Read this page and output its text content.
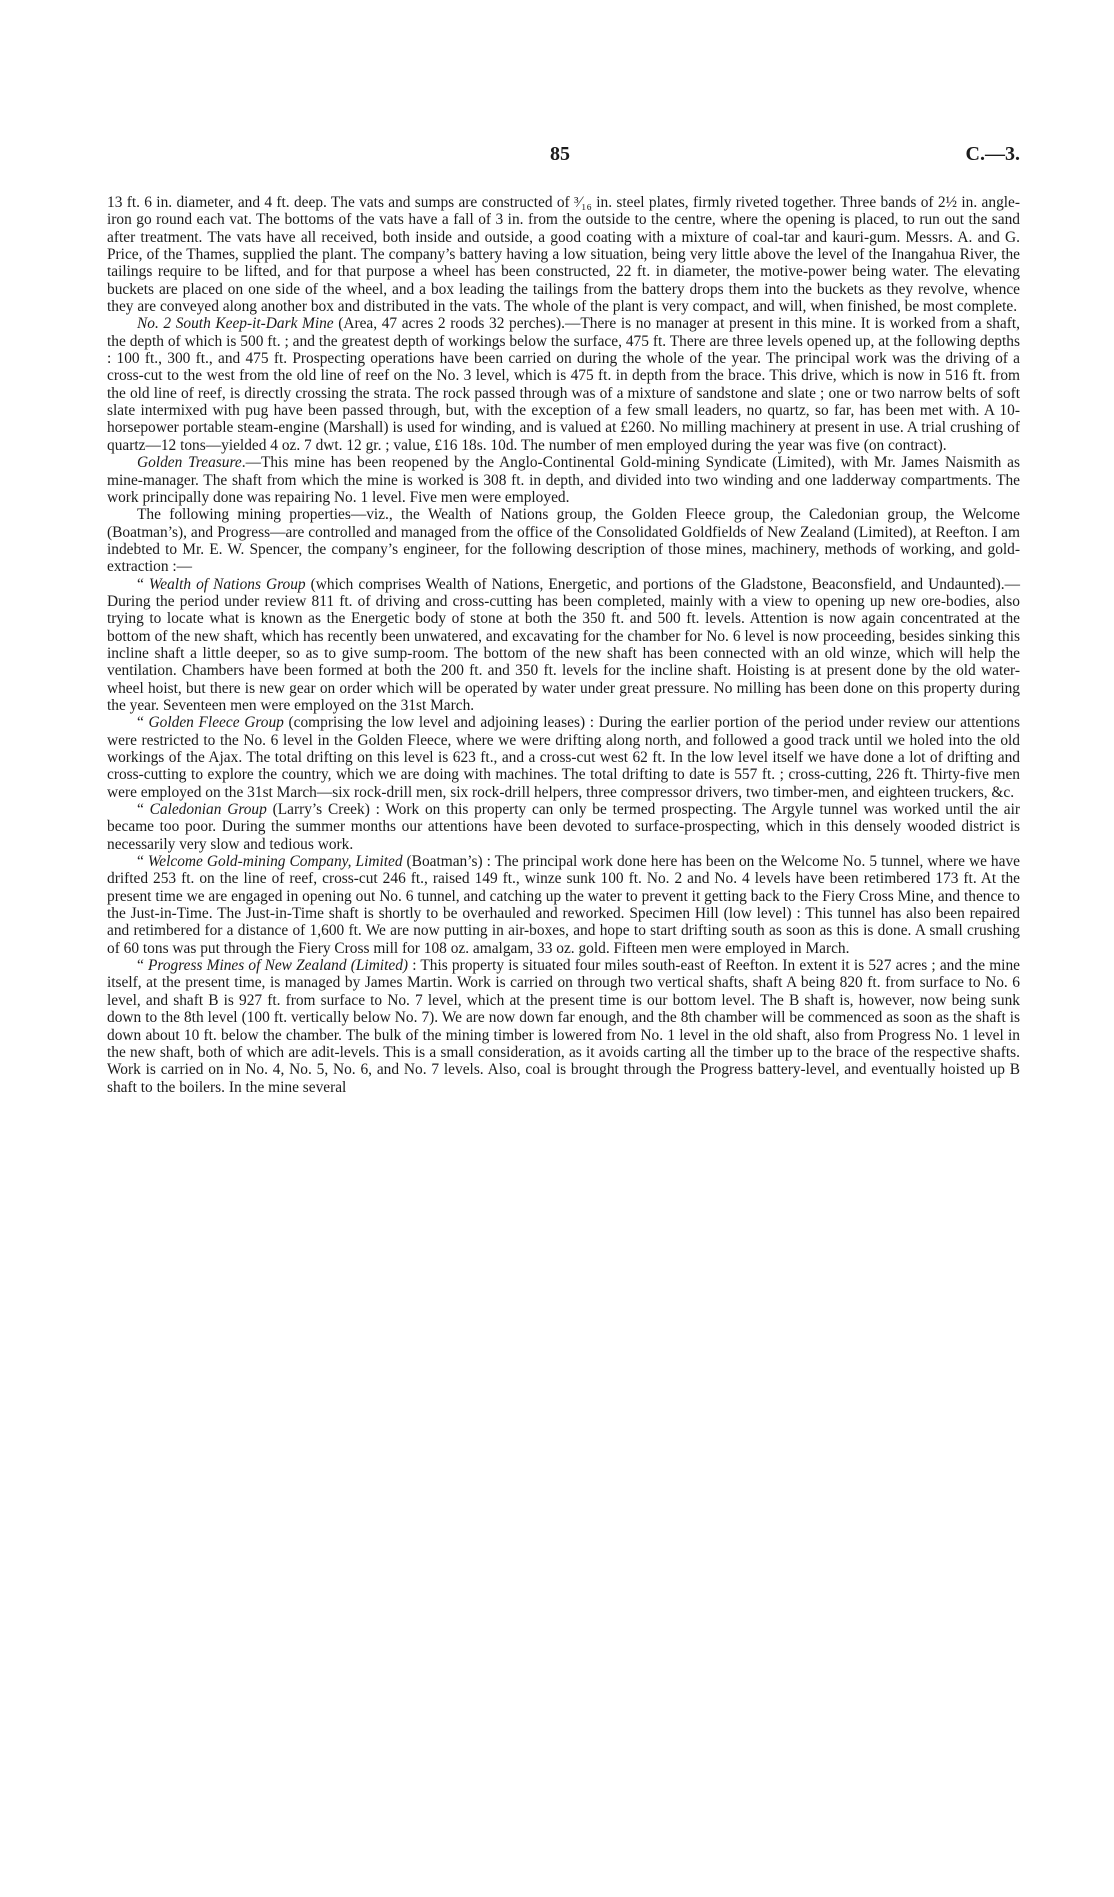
85	C.—3.

13 ft. 6 in. diameter, and 4 ft. deep. The vats and sumps are constructed of ³⁄₁₆ in. steel plates, firmly riveted together. Three bands of 2½ in. angle-iron go round each vat. The bottoms of the vats have a fall of 3 in. from the outside to the centre, where the opening is placed, to run out the sand after treatment. The vats have all received, both inside and outside, a good coating with a mixture of coal-tar and kauri-gum. Messrs. A. and G. Price, of the Thames, supplied the plant. The company’s battery having a low situation, being very little above the level of the Inangahua River, the tailings require to be lifted, and for that purpose a wheel has been constructed, 22 ft. in diameter, the motive-power being water. The elevating buckets are placed on one side of the wheel, and a box leading the tailings from the battery drops them into the buckets as they revolve, whence they are conveyed along another box and distributed in the vats. The whole of the plant is very compact, and will, when finished, be most complete.

No. 2 South Keep-it-Dark Mine (Area, 47 acres 2 roods 32 perches).—There is no manager at present in this mine. It is worked from a shaft, the depth of which is 500 ft. ; and the greatest depth of workings below the surface, 475 ft. There are three levels opened up, at the following depths : 100 ft., 300 ft., and 475 ft. Prospecting operations have been carried on during the whole of the year. The principal work was the driving of a cross-cut to the west from the old line of reef on the No. 3 level, which is 475 ft. in depth from the brace. This drive, which is now in 516 ft. from the old line of reef, is directly crossing the strata. The rock passed through was of a mixture of sandstone and slate ; one or two narrow belts of soft slate intermixed with pug have been passed through, but, with the exception of a few small leaders, no quartz, so far, has been met with. A 10-horsepower portable steam-engine (Marshall) is used for winding, and is valued at £260. No milling machinery at present in use. A trial crushing of quartz—12 tons—yielded 4 oz. 7 dwt. 12 gr. ; value, £16 18s. 10d. The number of men employed during the year was five (on contract).

Golden Treasure.—This mine has been reopened by the Anglo-Continental Gold-mining Syndicate (Limited), with Mr. James Naismith as mine-manager. The shaft from which the mine is worked is 308 ft. in depth, and divided into two winding and one ladderway compartments. The work principally done was repairing No. 1 level. Five men were employed.

The following mining properties—viz., the Wealth of Nations group, the Golden Fleece group, the Caledonian group, the Welcome (Boatman’s), and Progress—are controlled and managed from the office of the Consolidated Goldfields of New Zealand (Limited), at Reefton. I am indebted to Mr. E. W. Spencer, the company’s engineer, for the following description of those mines, machinery, methods of working, and gold-extraction :—

“ Wealth of Nations Group (which comprises Wealth of Nations, Energetic, and portions of the Gladstone, Beaconsfield, and Undaunted).—During the period under review 811 ft. of driving and cross-cutting has been completed, mainly with a view to opening up new ore-bodies, also trying to locate what is known as the Energetic body of stone at both the 350 ft. and 500 ft. levels. Attention is now again concentrated at the bottom of the new shaft, which has recently been unwatered, and excavating for the chamber for No. 6 level is now proceeding, besides sinking this incline shaft a little deeper, so as to give sump-room. The bottom of the new shaft has been connected with an old winze, which will help the ventilation. Chambers have been formed at both the 200 ft. and 350 ft. levels for the incline shaft. Hoisting is at present done by the old water-wheel hoist, but there is new gear on order which will be operated by water under great pressure. No milling has been done on this property during the year. Seventeen men were employed on the 31st March.

“ Golden Fleece Group (comprising the low level and adjoining leases) : During the earlier portion of the period under review our attentions were restricted to the No. 6 level in the Golden Fleece, where we were drifting along north, and followed a good track until we holed into the old workings of the Ajax. The total drifting on this level is 623 ft., and a cross-cut west 62 ft. In the low level itself we have done a lot of drifting and cross-cutting to explore the country, which we are doing with machines. The total drifting to date is 557 ft. ; cross-cutting, 226 ft. Thirty-five men were employed on the 31st March—six rock-drill men, six rock-drill helpers, three compressor drivers, two timber-men, and eighteen truckers, &c.

“ Caledonian Group (Larry’s Creek) : Work on this property can only be termed prospecting. The Argyle tunnel was worked until the air became too poor. During the summer months our attentions have been devoted to surface-prospecting, which in this densely wooded district is necessarily very slow and tedious work.

“ Welcome Gold-mining Company, Limited (Boatman’s) : The principal work done here has been on the Welcome No. 5 tunnel, where we have drifted 253 ft. on the line of reef, cross-cut 246 ft., raised 149 ft., winze sunk 100 ft. No. 2 and No. 4 levels have been retimbered 173 ft. At the present time we are engaged in opening out No. 6 tunnel, and catching up the water to prevent it getting back to the Fiery Cross Mine, and thence to the Just-in-Time. The Just-in-Time shaft is shortly to be overhauled and reworked. Specimen Hill (low level) : This tunnel has also been repaired and retimbered for a distance of 1,600 ft. We are now putting in air-boxes, and hope to start drifting south as soon as this is done. A small crushing of 60 tons was put through the Fiery Cross mill for 108 oz. amalgam, 33 oz. gold. Fifteen men were employed in March.

“ Progress Mines of New Zealand (Limited) : This property is situated four miles south-east of Reefton. In extent it is 527 acres ; and the mine itself, at the present time, is managed by James Martin. Work is carried on through two vertical shafts, shaft A being 820 ft. from surface to No. 6 level, and shaft B is 927 ft. from surface to No. 7 level, which at the present time is our bottom level. The B shaft is, however, now being sunk down to the 8th level (100 ft. vertically below No. 7). We are now down far enough, and the 8th chamber will be commenced as soon as the shaft is down about 10 ft. below the chamber. The bulk of the mining timber is lowered from No. 1 level in the old shaft, also from Progress No. 1 level in the new shaft, both of which are adit-levels. This is a small consideration, as it avoids carting all the timber up to the brace of the respective shafts. Work is carried on in No. 4, No. 5, No. 6, and No. 7 levels. Also, coal is brought through the Progress battery-level, and eventually hoisted up B shaft to the boilers. In the mine several
